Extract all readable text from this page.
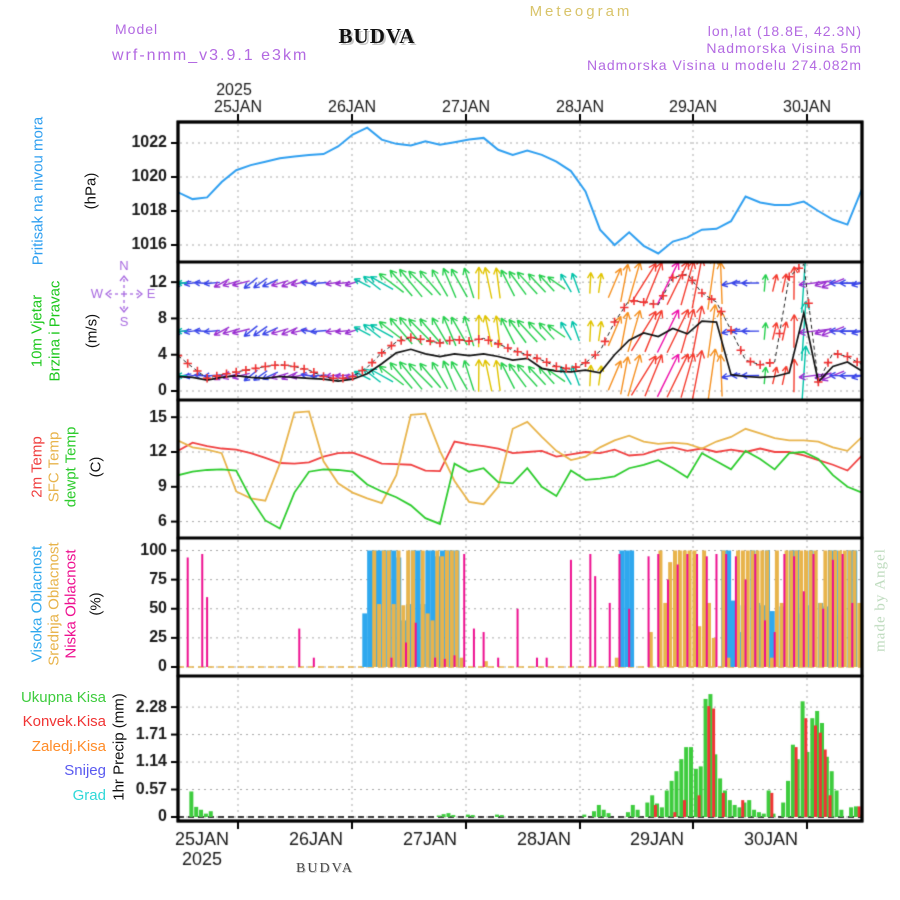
Meteogram
Model
wrf-nmm_v3.9.1 e3km
BUDVA	lon,lat (18.8E, 42.3N)
Nadmorska Visina 5m
Nadmorska Visina u modelu 274.082m
Pritisak na nivou mora (hPa)
10m Vjetar Brzina i Pravac (m/s)
2m Temp SFC Temp dewpt Temp (C)
Visoka Oblacnost Srednja Oblacnost Niska Oblacnost (%)
Ukupna Kisa
Konvek.Kisa
Zaledj.Kisa
Snijeg
Grad 1hr Precip (mm)
made by Angel
BUDVA
